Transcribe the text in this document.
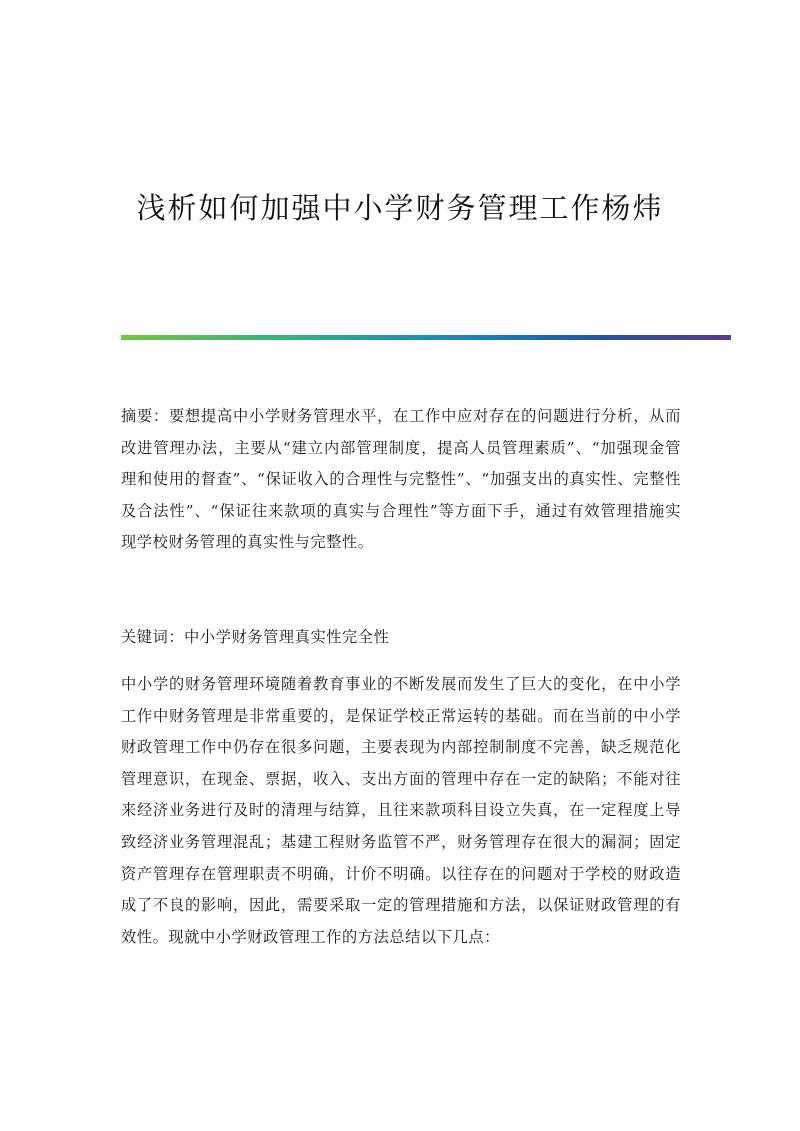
浅析如何加强中小学财务管理工作杨炜
摘要：要想提高中小学财务管理水平，在工作中应对存在的问题进行分析，从而改进管理办法，主要从“建立内部管理制度，提高人员管理素质”、“加强现金管理和使用的督查”、“保证收入的合理性与完整性”、“加强支出的真实性、完整性及合法性”、“保证往来款项的真实与合理性”等方面下手，通过有效管理措施实现学校财务管理的真实性与完整性。
关键词：中小学财务管理真实性完全性
中小学的财务管理环境随着教育事业的不断发展而发生了巨大的变化，在中小学工作中财务管理是非常重要的，是保证学校正常运转的基础。而在当前的中小学财政管理工作中仍存在很多问题，主要表现为内部控制制度不完善，缺乏规范化管理意识，在现金、票据，收入、支出方面的管理中存在一定的缺陷；不能对往来经济业务进行及时的清理与结算，且往来款项科目设立失真，在一定程度上导致经济业务管理混乱；基建工程财务监管不严，财务管理存在很大的漏洞；固定资产管理存在管理职责不明确，计价不明确。以往存在的问题对于学校的财政造成了不良的影响，因此，需要采取一定的管理措施和方法，以保证财政管理的有效性。现就中小学财政管理工作的方法总结以下几点：
